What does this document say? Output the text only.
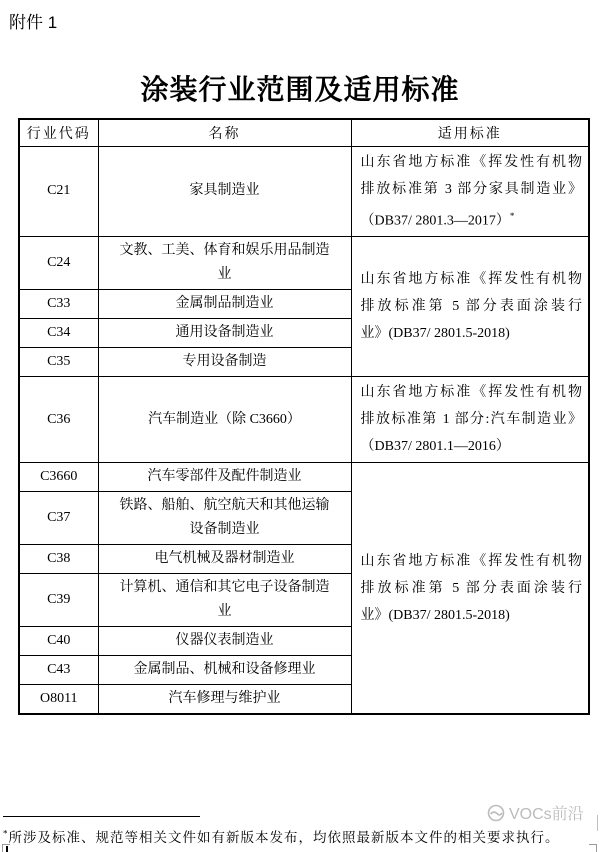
附件 1
涂装行业范围及适用标准
行业代码	名称	适用标准
C21	家具制造业	山东省地方标准《挥发性有机物
排放标准第 3 部分家具制造业》
（DB37/ 2801.3—2017）*

C24	文教、工美、体育和娱乐用品制造业	山东省地方标准《挥发性有机物
排放标准第 5 部分表面涂装行
业》(DB37/ 2801.5-2018)

C33	金属制品制造业	
C34	通用设备制造业	
C35	专用设备制造	
C36	汽车制造业（除 C3660）	山东省地方标准《挥发性有机物
排放标准第 1 部分:汽车制造业》
（DB37/ 2801.1—2016）

C3660	汽车零部件及配件制造业	山东省地方标准《挥发性有机物
排放标准第 5 部分表面涂装行
业》(DB37/ 2801.5-2018)

C37	铁路、船舶、航空航天和其他运输设备制造业	
C38	电气机械及器材制造业	
C39	计算机、通信和其它电子设备制造业	
C40	仪器仪表制造业	
C43	金属制品、机械和设备修理业	
O8011	汽车修理与维护业	
*所涉及标准、规范等相关文件如有新版本发布，均依照最新版本文件的相关要求执行。
VOCs前沿
